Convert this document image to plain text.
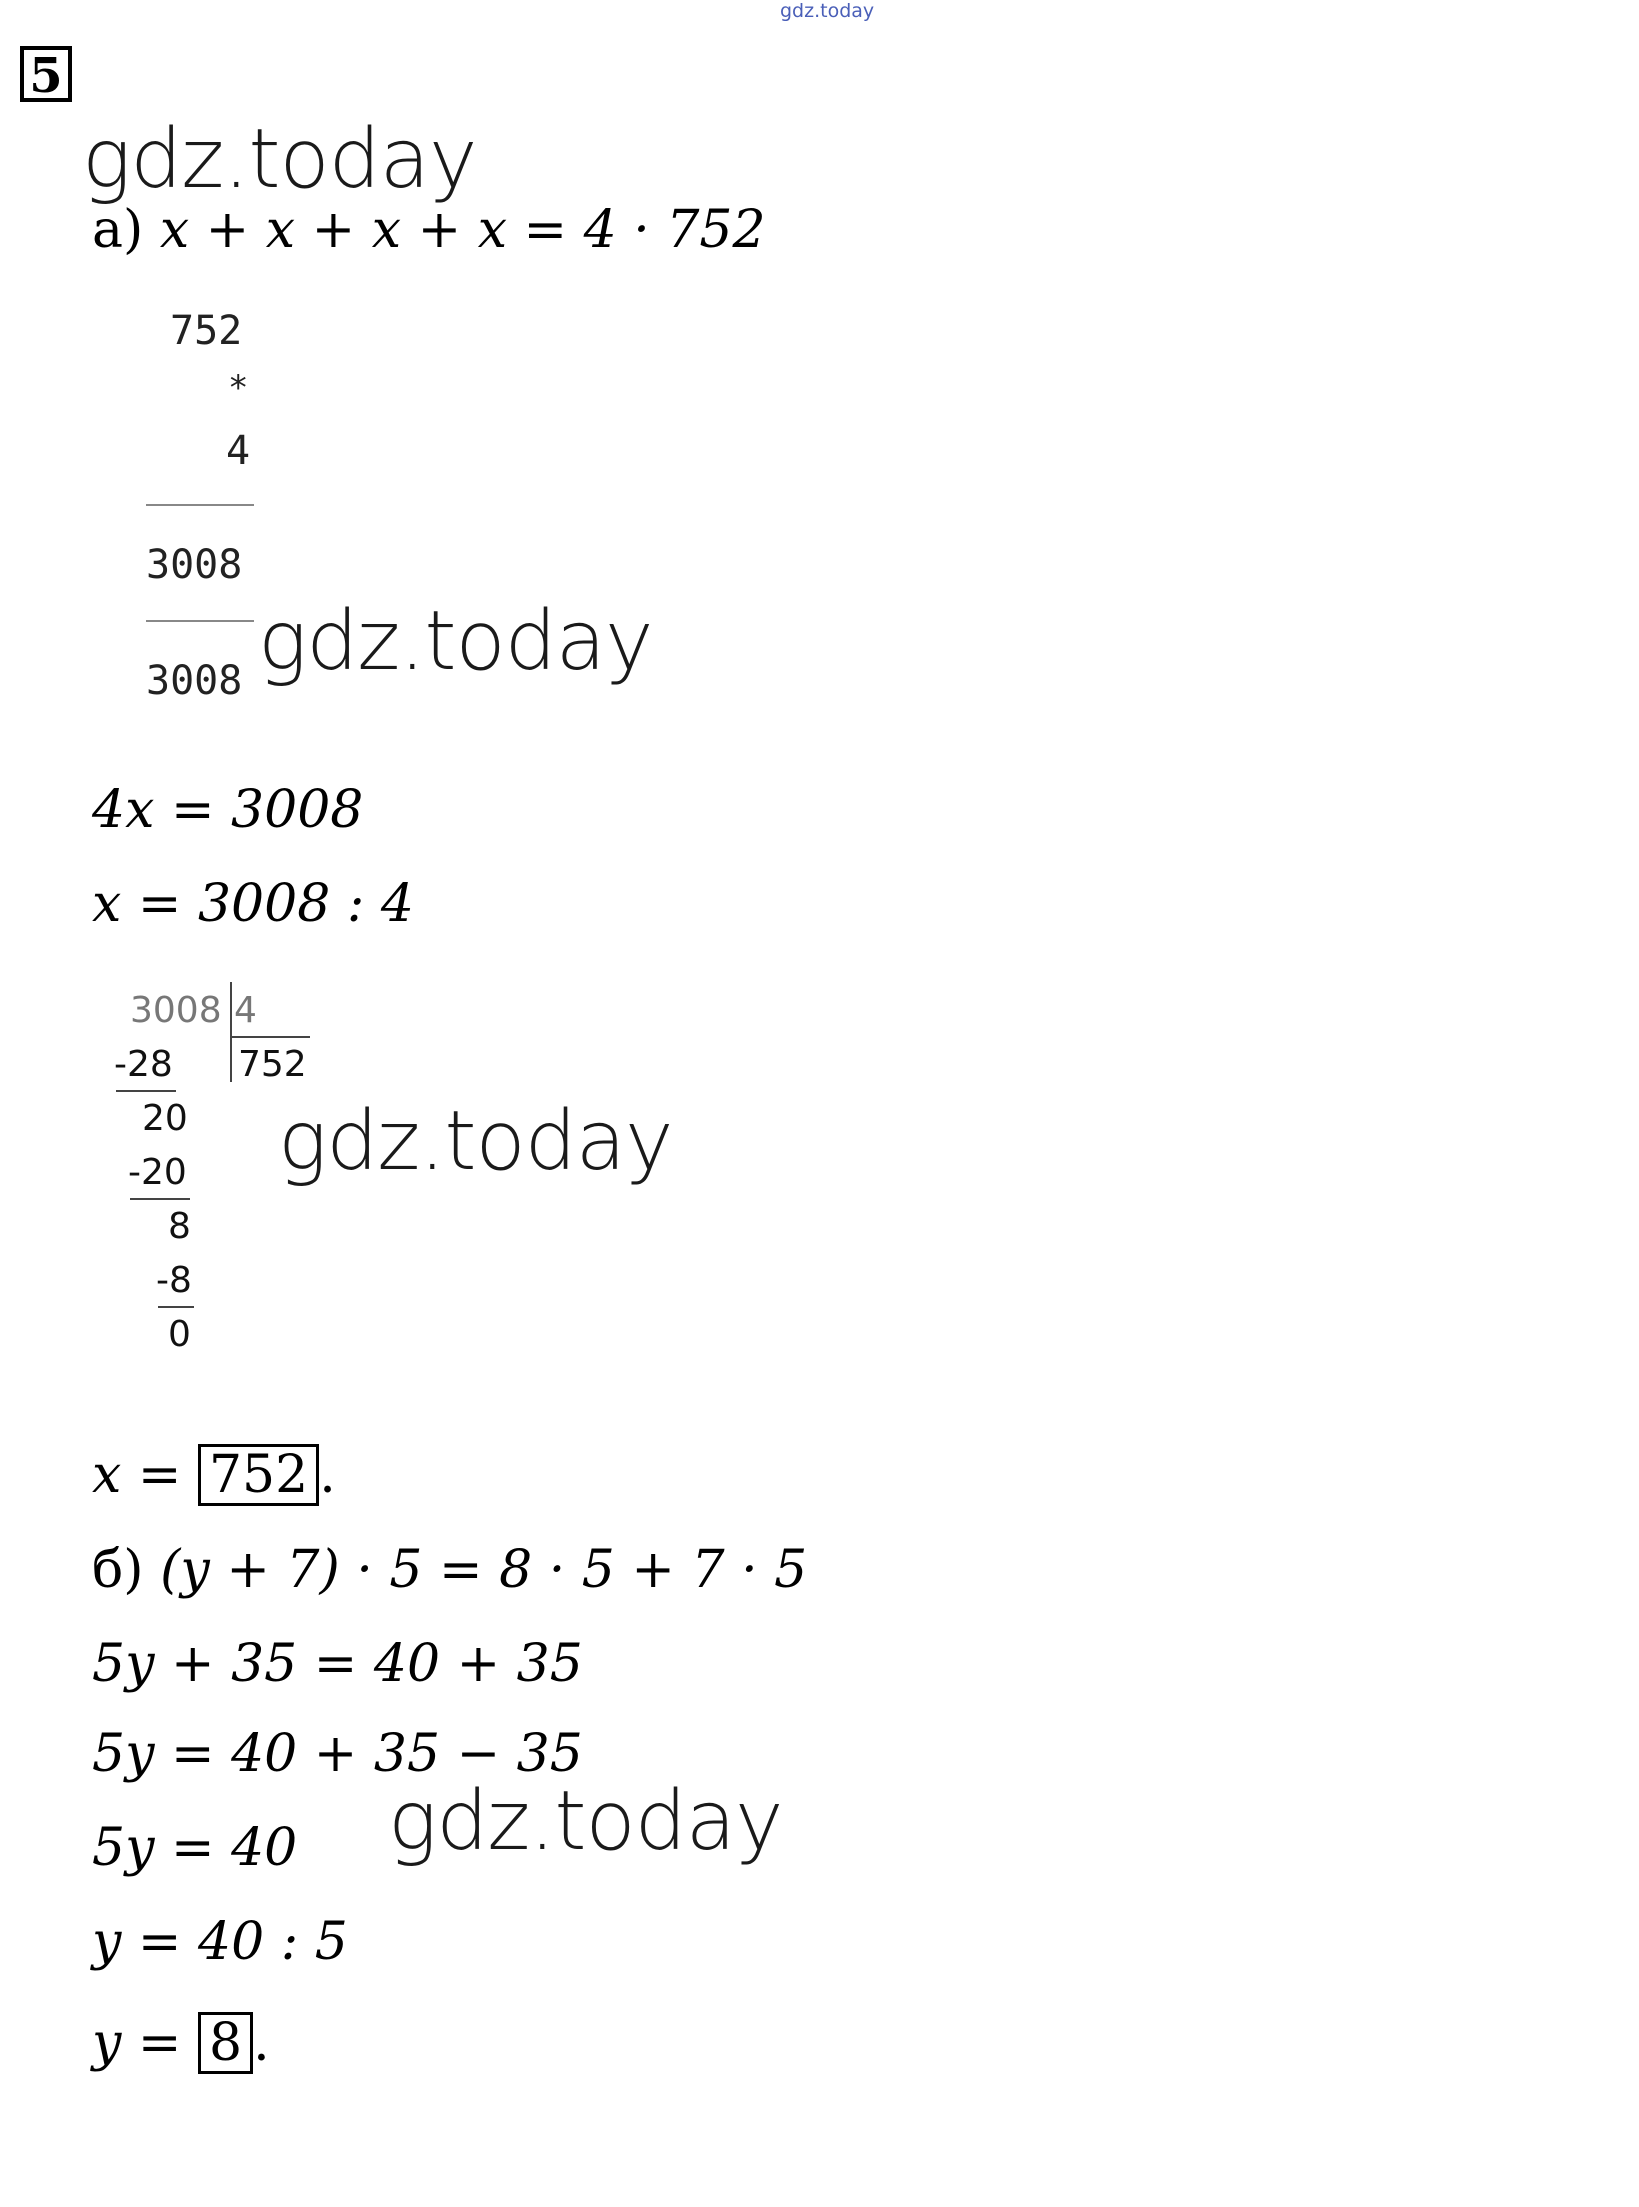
gdz.today
5
gdz.today
а) x + x + x + x = 4 · 752
752
*
4
3008
3008 gdz.today
4x = 3008
x = 3008 : 4
3008 4
752
-28
20
-20
8
-8
0
gdz.today
x = 752 .
б) (y + 7) · 5 = 8 · 5 + 7 · 5
5y + 35 = 40 + 35
5y = 40 + 35 − 35
5y = 40
y = 40 : 5
gdz.today
y = 8 .
